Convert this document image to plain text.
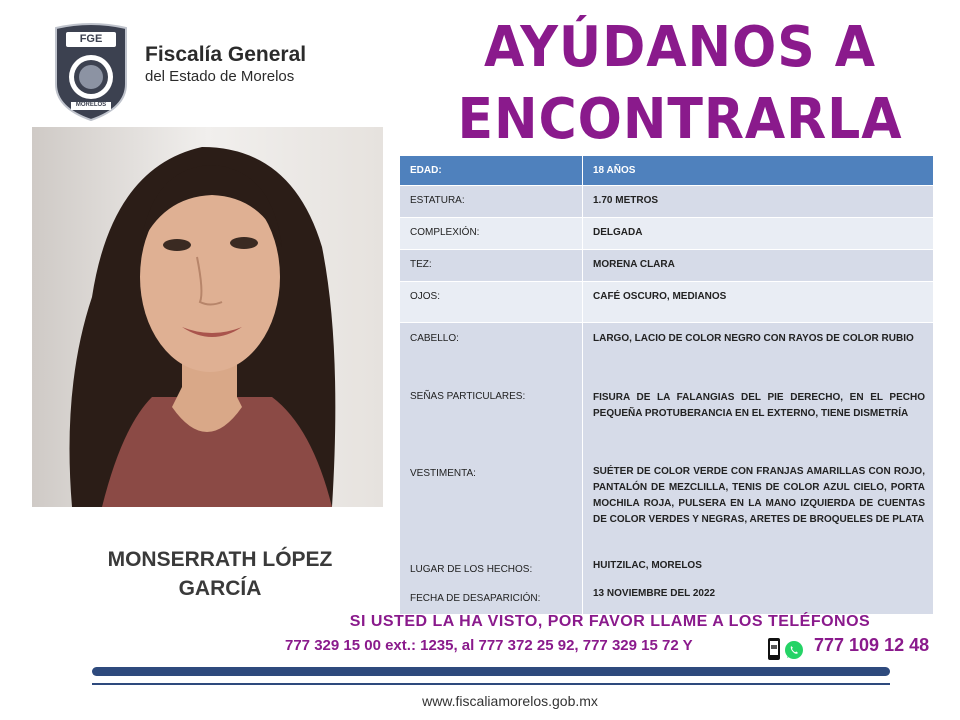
FGE
MORELOS
Fiscalía General
del Estado de Morelos	AYÚDANOS A
ENCONTRARLA
MONSERRATH LÓPEZ
GARCÍA
EDAD:	18 AÑOS
ESTATURA:	1.70 METROS
COMPLEXIÓN:	DELGADA
TEZ:	MORENA CLARA
OJOS:	CAFÉ OSCURO, MEDIANOS
CABELLO:	LARGO, LACIO DE COLOR NEGRO CON RAYOS DE COLOR RUBIO
SEÑAS PARTICULARES:	FISURA DE LA FALANGIAS DEL PIE DERECHO, EN EL PECHO PEQUEÑA PROTUBERANCIA EN EL EXTERNO, TIENE DISMETRÍA
VESTIMENTA:	SUÉTER DE COLOR VERDE CON FRANJAS AMARILLAS CON ROJO, PANTALÓN DE MEZCLILLA, TENIS DE COLOR AZUL CIELO, PORTA MOCHILA ROJA, PULSERA EN LA MANO IZQUIERDA DE CUENTAS DE COLOR VERDES Y NEGRAS, ARETES DE BROQUELES DE PLATA
LUGAR DE LOS HECHOS:	HUITZILAC, MORELOS
FECHA DE DESAPARICIÓN:	13 NOVIEMBRE DEL 2022
SI USTED LA HA VISTO, POR FAVOR LLAME A LOS TELÉFONOS
777 329 15 00 ext.: 1235, al 777 372 25 92, 777 329 15 72 Y	777 109 12 48
www.fiscaliamorelos.gob.mx
